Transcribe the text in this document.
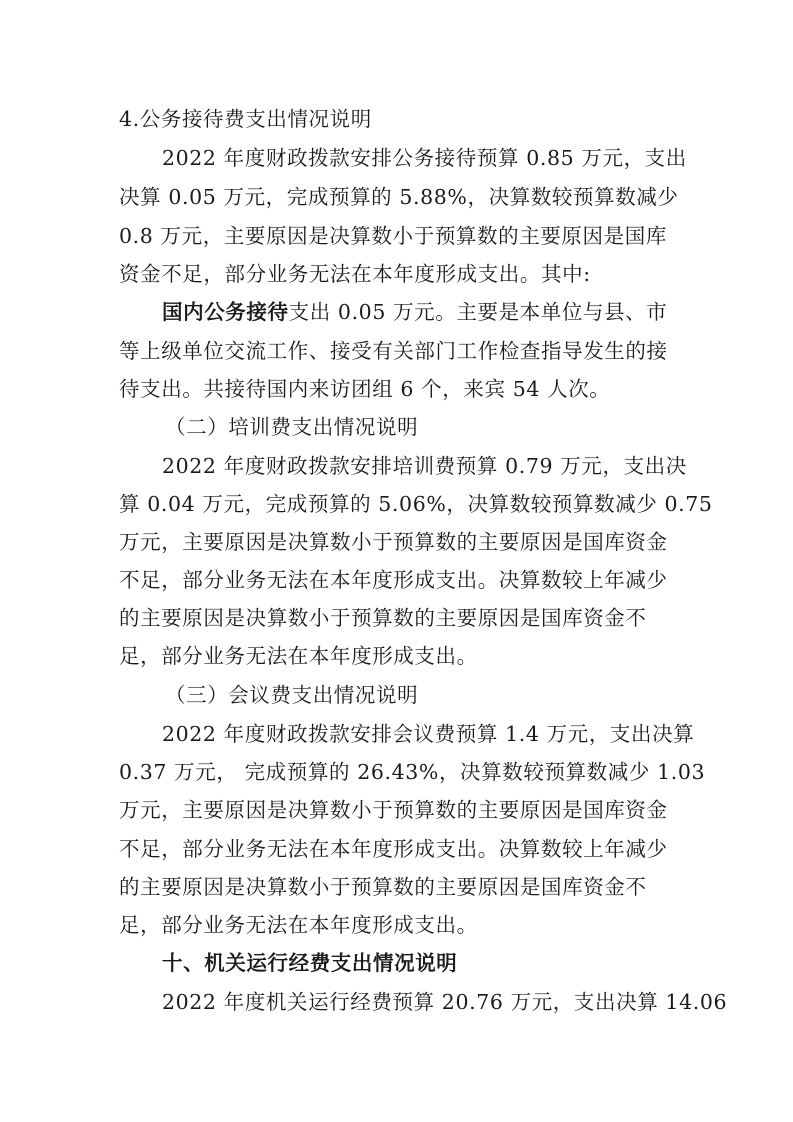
4.公务接待费支出情况说明
2022 年度财政拨款安排公务接待预算 0.85 万元，支出
决算 0.05 万元，完成预算的 5.88%，决算数较预算数减少
0.8 万元，主要原因是决算数小于预算数的主要原因是国库
资金不足，部分业务无法在本年度形成支出。其中:
国内公务接待支出 0.05 万元。主要是本单位与县、市
等上级单位交流工作、接受有关部门工作检查指导发生的接
待支出。共接待国内来访团组 6 个，来宾 54 人次。
（二）培训费支出情况说明
2022 年度财政拨款安排培训费预算 0.79 万元，支出决
算 0.04 万元，完成预算的 5.06%，决算数较预算数减少 0.75
万元，主要原因是决算数小于预算数的主要原因是国库资金
不足，部分业务无法在本年度形成支出。决算数较上年减少
的主要原因是决算数小于预算数的主要原因是国库资金不
足，部分业务无法在本年度形成支出。
（三）会议费支出情况说明
2022 年度财政拨款安排会议费预算 1.4 万元，支出决算
0.37 万元， 完成预算的 26.43%，决算数较预算数减少 1.03
万元，主要原因是决算数小于预算数的主要原因是国库资金
不足，部分业务无法在本年度形成支出。决算数较上年减少
的主要原因是决算数小于预算数的主要原因是国库资金不
足，部分业务无法在本年度形成支出。
十、机关运行经费支出情况说明
2022 年度机关运行经费预算 20.76 万元，支出决算 14.06
